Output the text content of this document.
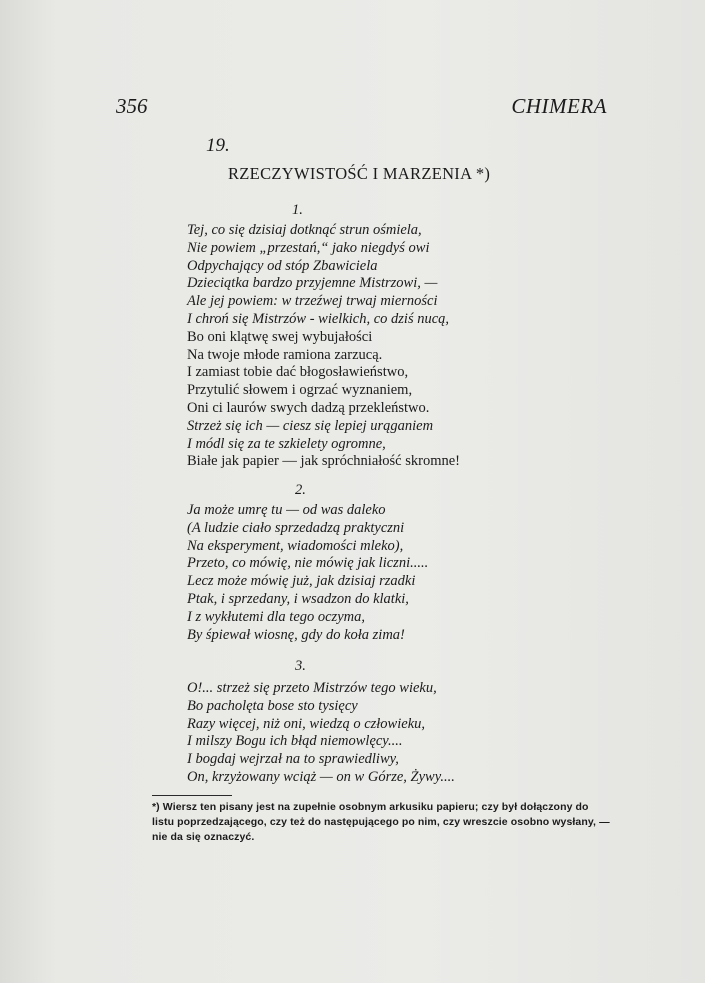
356	CHIMERA
19.
RZECZYWISTOŚĆ I MARZENIA *)
1.
Tej, co się dzisiaj dotknąć strun ośmiela,
Nie powiem „przestań,“ jako niegdyś owi
Odpychający od stóp Zbawiciela
Dzieciątka bardzo przyjemne Mistrzowi, —
Ale jej powiem: w trzeźwej trwaj mierności
I chroń się Mistrzów - wielkich, co dziś nucą,
Bo oni klątwę swej wybujałości
Na twoje młode ramiona zarzucą.
I zamiast tobie dać błogosławieństwo,
Przytulić słowem i ogrzać wyznaniem,
Oni ci laurów swych dadzą przekleństwo.
Strzeż się ich — ciesz się lepiej urąganiem
I módl się za te szkielety ogromne,
Białe jak papier — jak spróchniałość skromne!
2.
Ja może umrę tu — od was daleko
(A ludzie ciało sprzedadzą praktyczni
Na eksperyment, wiadomości mleko),
Przeto, co mówię, nie mówię jak liczni.....
Lecz może mówię już, jak dzisiaj rzadki
Ptak, i sprzedany, i wsadzon do klatki,
I z wykłutemi dla tego oczyma,
By śpiewał wiosnę, gdy do koła zima!
3.
O!... strzeż się przeto Mistrzów tego wieku,
Bo pacholęta bose sto tysięcy
Razy więcej, niż oni, wiedzą o człowieku,
I milszy Bogu ich błąd niemowlęcy....
I bogdaj wejrzał na to sprawiedliwy,
On, krzyżowany wciąż — on w Górze, Żywy....
*) Wiersz ten pisany jest na zupełnie osobnym arkusiku papieru; czy był dołączony do listu poprzedzającego, czy też do następującego po nim, czy wreszcie osobno wysłany, — nie da się oznaczyć.
